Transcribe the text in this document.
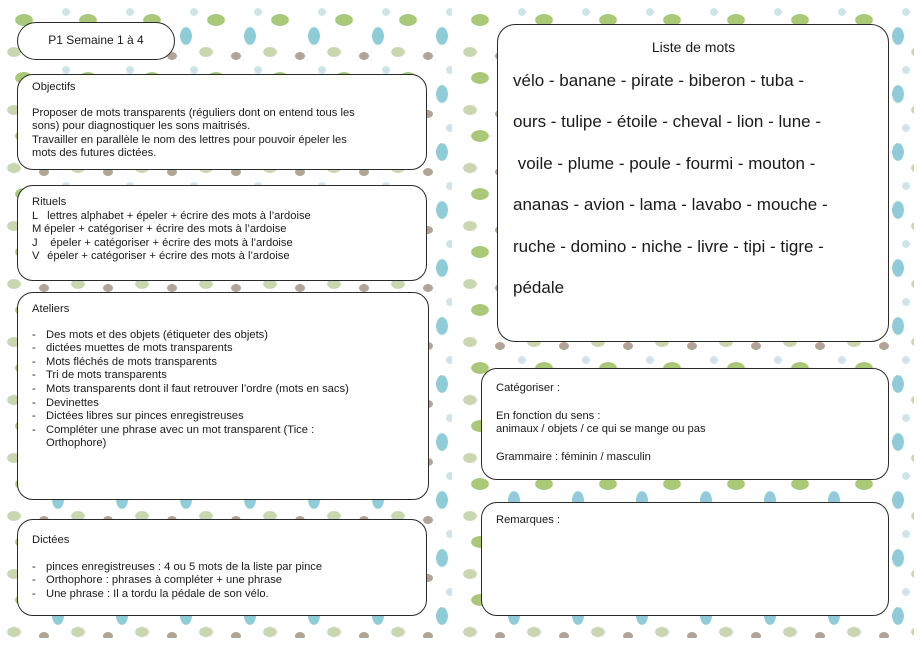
P1 Semaine 1 à 4
Objectifs
Proposer de mots transparents (réguliers dont on entend tous les
sons) pour diagnostiquer les sons maitrisés.
Travailler en parallèle le nom des lettres pour pouvoir épeler les
mots des futures dictées.
Rituels
L lettres alphabet + épeler + écrire des mots à l’ardoise
M épeler + catégoriser + écrire des mots à l’ardoise
J épeler + catégoriser + écrire des mots à l’ardoise
V épeler + catégoriser + écrire des mots à l’ardoise
Ateliers
- Des mots et des objets (étiqueter des objets)
- dictées muettes de mots transparents
- Mots fléchés de mots transparents
- Tri de mots transparents
- Mots transparents dont il faut retrouver l’ordre (mots en sacs)
- Devinettes
- Dictées libres sur pinces enregistreuses
- Compléter une phrase avec un mot transparent (Tice :
Orthophore)
Dictées
- pinces enregistreuses : 4 ou 5 mots de la liste par pince
- Orthophore : phrases à compléter + une phrase
- Une phrase : Il a tordu la pédale de son vélo.
Liste de mots
vélo - banane - pirate - biberon - tuba -
ours - tulipe - étoile - cheval - lion - lune -
voile - plume - poule - fourmi - mouton -
ananas - avion - lama - lavabo - mouche -
ruche - domino - niche - livre - tipi - tigre -
pédale

Catégoriser :

En fonction du sens :

animaux / objets / ce qui se mange ou pas

Grammaire : féminin / masculin

Remarques :
